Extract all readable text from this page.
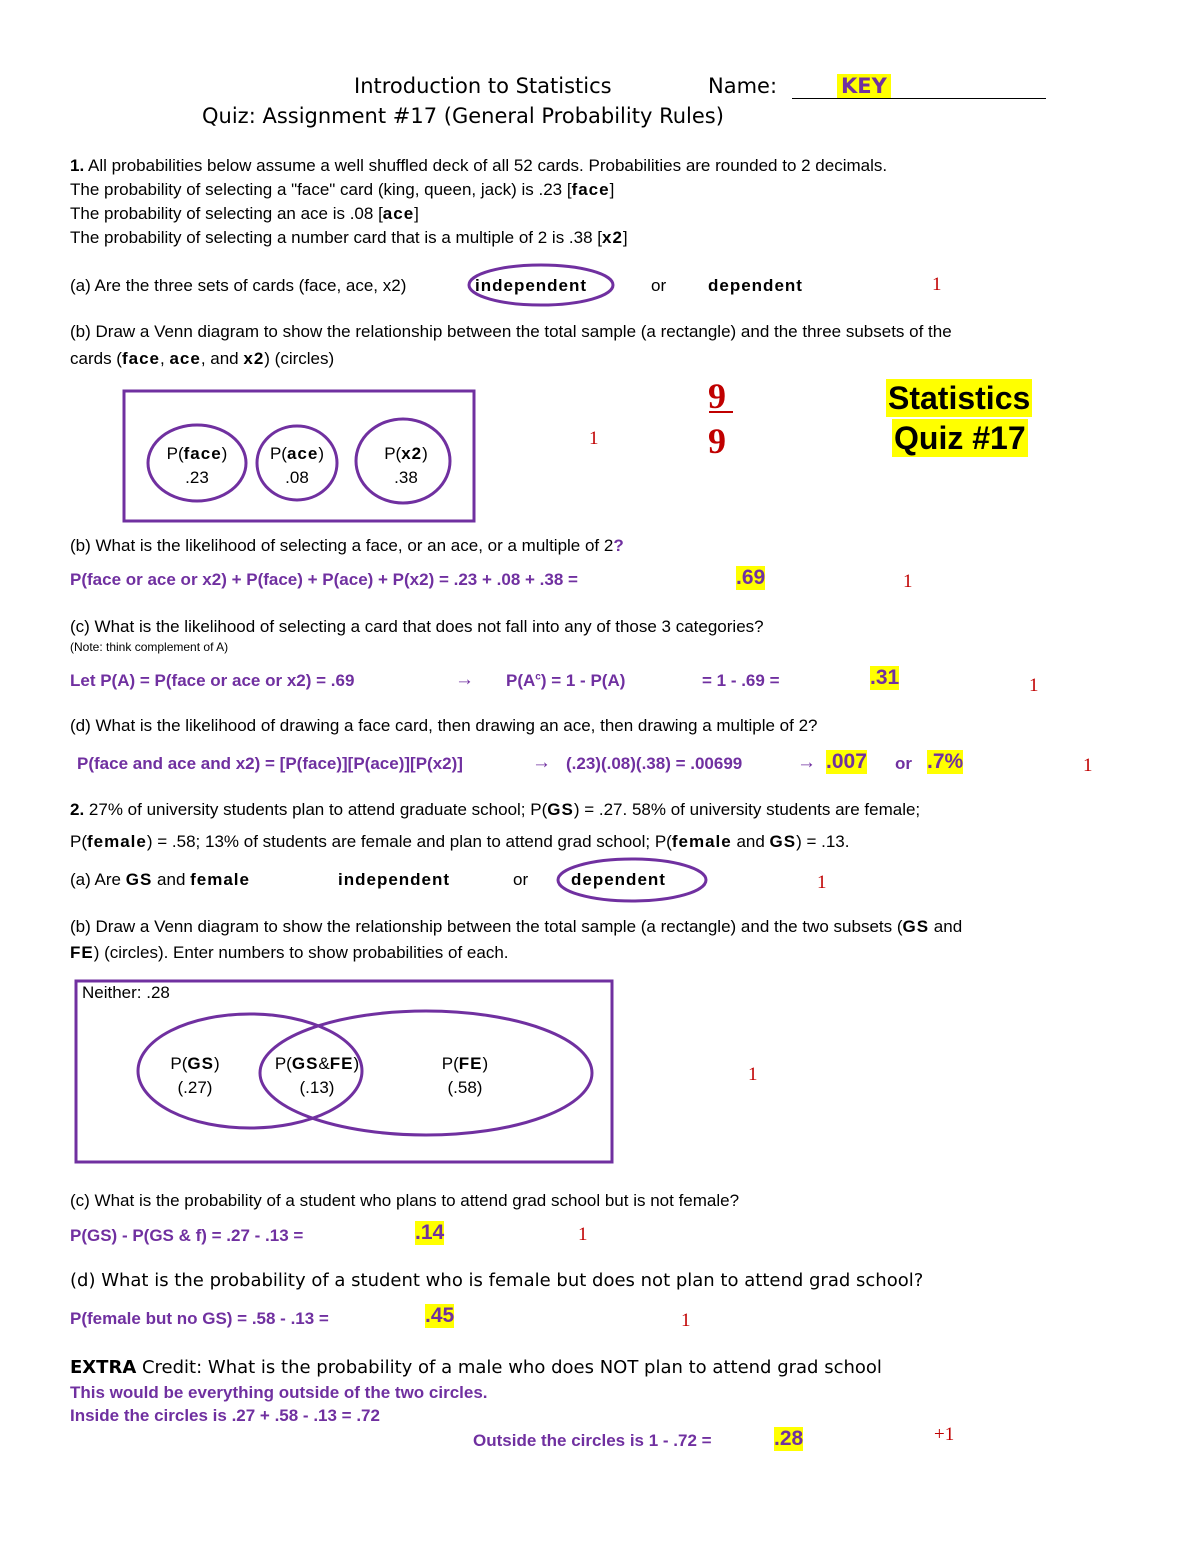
Introduction to Statistics	Name:	KEY
Quiz: Assignment #17 (General Probability Rules)
1. All probabilities below assume a well shuffled deck of all 52 cards. Probabilities are rounded to 2 decimals.
The probability of selecting a "face" card (king, queen, jack) is .23 [face]
The probability of selecting an ace is .08 [ace]
The probability of selecting a number card that is a multiple of 2 is .38 [x2]
(a) Are the three sets of cards (face, ace, x2)	independent	or dependent	1
(b) Draw a Venn diagram to show the relationship between the total sample (a rectangle) and the three subsets of the
cards (face, ace, and x2) (circles)
P(face)
.23
P(ace)
.08
P(x2)
.38
1
9
9
Statistics
Quiz #17
(b) What is the likelihood of selecting a face, or an ace, or a multiple of 2?
P(face or ace or x2) + P(face) + P(ace) + P(x2) = .23 + .08 + .38 =	.69	1
(c) What is the likelihood of selecting a card that does not fall into any of those 3 categories?
(Note: think complement of A)
Let P(A) = P(face or ace or x2) = .69	→ $P(A^c) = 1 - P(A)$	= 1 - .69 =	.31	1
(d) What is the likelihood of drawing a face card, then drawing an ace, then drawing a multiple of 2?
P(face and ace and x2) = [P(face)][P(ace)][P(x2)]	→ (.23)(.08)(.38) = .00699	→ .007 or .7%	1
2. 27% of university students plan to attend graduate school; P(GS) = .27. 58% of university students are female;
P(female) = .58; 13% of students are female and plan to attend grad school; P(female and GS) = .13.
(a) Are GS and female	independent	or	dependent	1
(b) Draw a Venn diagram to show the relationship between the total sample (a rectangle) and the two subsets (GS and
FE) (circles). Enter numbers to show probabilities of each.
Neither: .28
P(GS)
(.27)
P(GS&FE)
(.13)
P(FE)
(.58)
1
(c) What is the probability of a student who plans to attend grad school but is not female?
P(GS) - P(GS & f) = .27 - .13 =	.14	1
(d) What is the probability of a student who is female but does not plan to attend grad school?
P(female but no GS) = .58 - .13 =	.45	1
EXTRA Credit: What is the probability of a male who does NOT plan to attend grad school
This would be everything outside of the two circles.
Inside the circles is .27 + .58 - .13 = .72
Outside the circles is 1 - .72 =	.28	+1
